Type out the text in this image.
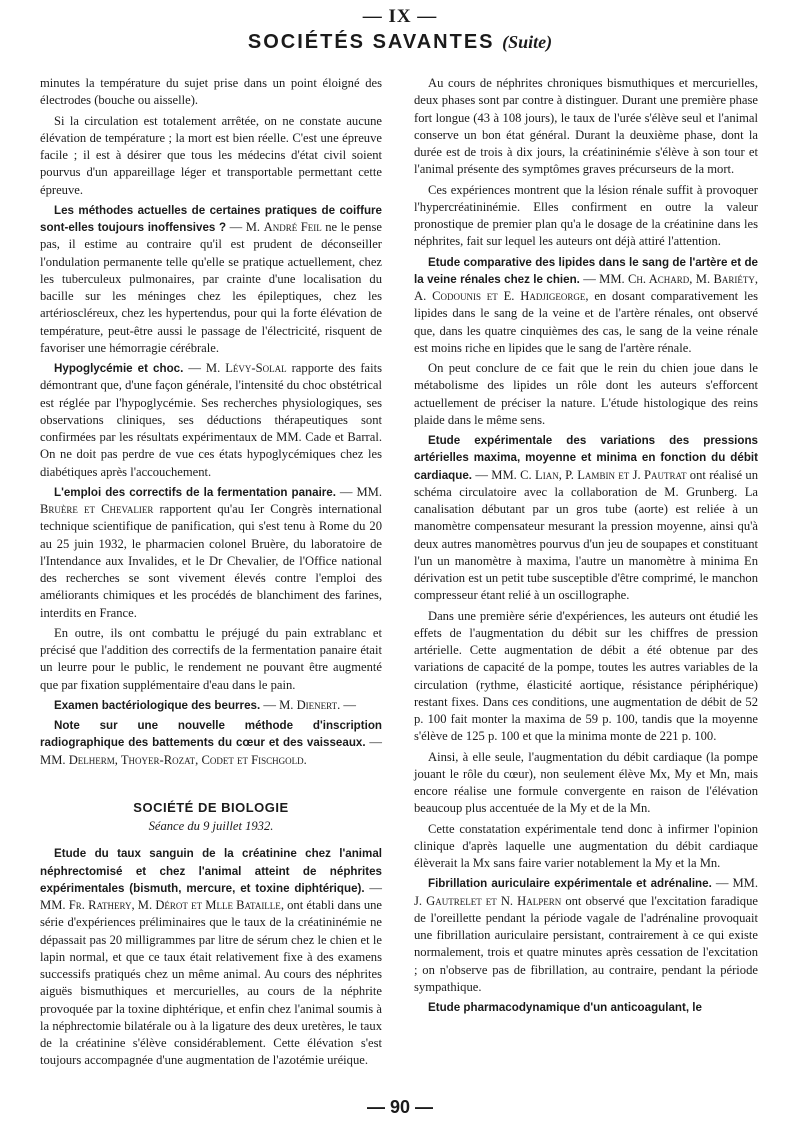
— IX —
SOCIÉTÉS SAVANTES (Suite)

minutes la température du sujet prise dans un point éloigné des électrodes (bouche ou aisselle).

Si la circulation est totalement arrêtée, on ne constate aucune élévation de température ; la mort est bien réelle. C'est une épreuve facile ; il est à désirer que tous les médecins d'état civil soient pourvus d'un appareillage léger et transportable permettant cette épreuve.

Les méthodes actuelles de certaines pratiques de coiffure sont-elles toujours inoffensives ? — M. André Feil ne le pense pas, il estime au contraire qu'il est prudent de déconseiller l'ondulation permanente telle qu'elle se pratique actuellement, chez les tuberculeux pulmonaires, par crainte d'une localisation du bacille sur les méninges chez les épileptiques, chez les artérioscléreux, chez les hypertendus, pour qui la forte élévation de température, peut-être aussi le passage de l'électricité, risquent de favoriser une hémorragie cérébrale.

Hypoglycémie et choc. — M. Lévy-Solal rapporte des faits démontrant que, d'une façon générale, l'intensité du choc obstétrical est réglée par l'hypoglycémie. Ses recherches physiologiques, ses observations cliniques, ses déductions thérapeutiques sont confirmées par les résultats expérimentaux de MM. Cade et Barral. On ne doit pas perdre de vue ces états hypoglycémiques chez les diabétiques après l'accouchement.

L'emploi des correctifs de la fermentation panaire. — MM. Bruère et Chevalier rapportent qu'au Ier Congrès international technique scientifique de panification, qui s'est tenu à Rome du 20 au 25 juin 1932, le pharmacien colonel Bruère, du laboratoire de l'Intendance aux Invalides, et le Dr Chevalier, de l'Office national des recherches se sont vivement élevés contre l'emploi des améliorants chimiques et les procédés de blanchiment des farines, interdits en France.

En outre, ils ont combattu le préjugé du pain extrablanc et précisé que l'addition des correctifs de la fermentation panaire était un leurre pour le public, le rendement ne pouvant être augmenté que par fixation supplémentaire d'eau dans le pain.

Examen bactériologique des beurres. — M. Dienert. —

Note sur une nouvelle méthode d'inscription radiographique des battements du cœur et des vaisseaux. — MM. Delherm, Thoyer-Rozat, Codet et Fischgold.

SOCIÉTÉ DE BIOLOGIE
Séance du 9 juillet 1932.

Etude du taux sanguin de la créatinine chez l'animal néphrectomisé et chez l'animal atteint de néphrites expérimentales (bismuth, mercure, et toxine diphtérique). — MM. Fr. Rathery, M. Dérot et Mlle Bataille, ont établi dans une série d'expériences préliminaires que le taux de la créatininémie ne dépassait pas 20 milligrammes par litre de sérum chez le chien et le lapin normal, et que ce taux était relativement fixe à des examens successifs pratiqués chez un même animal. Au cours des néphrites aiguës bismuthiques et mercurielles, au cours de la néphrite provoquée par la toxine diphtérique, et enfin chez l'animal soumis à la néphrectomie bilatérale ou à la ligature des deux uretères, le taux de la créatinine s'élève considérablement. Cette élévation s'est toujours accompagnée d'une augmentation de l'azotémie uréique.

Au cours de néphrites chroniques bismuthiques et mercurielles, deux phases sont par contre à distinguer. Durant une première phase fort longue (43 à 108 jours), le taux de l'urée s'élève seul et l'animal conserve un bon état général. Durant la deuxième phase, dont la durée est de trois à dix jours, la créatininémie s'élève à son tour et l'animal présente des symptômes graves précurseurs de la mort.

Ces expériences montrent que la lésion rénale suffit à provoquer l'hypercréatininémie. Elles confirment en outre la valeur pronostique de premier plan qu'a le dosage de la créatinine dans les néphrites, fait sur lequel les auteurs ont déjà attiré l'attention.

Etude comparative des lipides dans le sang de l'artère et de la veine rénales chez le chien. — MM. Ch. Achard, M. Bariéty, A. Codounis et E. Hadjigeorge, en dosant comparativement les lipides dans le sang de la veine et de l'artère rénales, ont observé que, dans les quatre cinquièmes des cas, le sang de la veine rénale est moins riche en lipides que le sang de l'artère rénale.

On peut conclure de ce fait que le rein du chien joue dans le métabolisme des lipides un rôle dont les auteurs s'efforcent actuellement de préciser la nature. L'étude histologique des reins plaide dans le même sens.

Etude expérimentale des variations des pressions artérielles maxima, moyenne et minima en fonction du débit cardiaque. — MM. C. Lian, P. Lambin et J. Pautrat ont réalisé un schéma circulatoire avec la collaboration de M. Grunberg. La canalisation débutant par un gros tube (aorte) est reliée à un manomètre compensateur mesurant la pression moyenne, ainsi qu'à deux autres manomètres pourvus d'un jeu de soupapes et constituant l'un un manomètre à maxima, l'autre un manomètre à minima En dérivation est un petit tube susceptible d'être comprimé, le manchon compresseur étant relié à un oscillographe.

Dans une première série d'expériences, les auteurs ont étudié les effets de l'augmentation du débit sur les chiffres de pression artérielle. Cette augmentation de débit a été obtenue par des variations de capacité de la pompe, toutes les autres variables de la circulation (rythme, élasticité aortique, résistance périphérique) restant fixes. Dans ces conditions, une augmentation de débit de 52 p. 100 fait monter la maxima de 59 p. 100, tandis que la moyenne s'élève de 125 p. 100 et que la minima monte de 221 p. 100.

Ainsi, à elle seule, l'augmentation du débit cardiaque (la pompe jouant le rôle du cœur), non seulement élève Mx, My et Mn, mais encore réalise une formule convergente en raison de l'élévation beaucoup plus accentuée de la My et de la Mn.

Cette constatation expérimentale tend donc à infirmer l'opinion clinique d'après laquelle une augmentation du débit cardiaque élèverait la Mx sans faire varier notablement la My et la Mn.

Fibrillation auriculaire expérimentale et adrénaline. — MM. J. Gautrelet et N. Halpern ont observé que l'excitation faradique de l'oreillette pendant la période vagale de l'adrénaline provoquait une fibrillation auriculaire persistant, contrairement à ce qui existe normalement, trois et quatre minutes après cessation de l'excitation ; on n'observe pas de fibrillation, au contraire, pendant la période sympathique.

Etude pharmacodynamique d'un anticoagulant, le

— 90 —
